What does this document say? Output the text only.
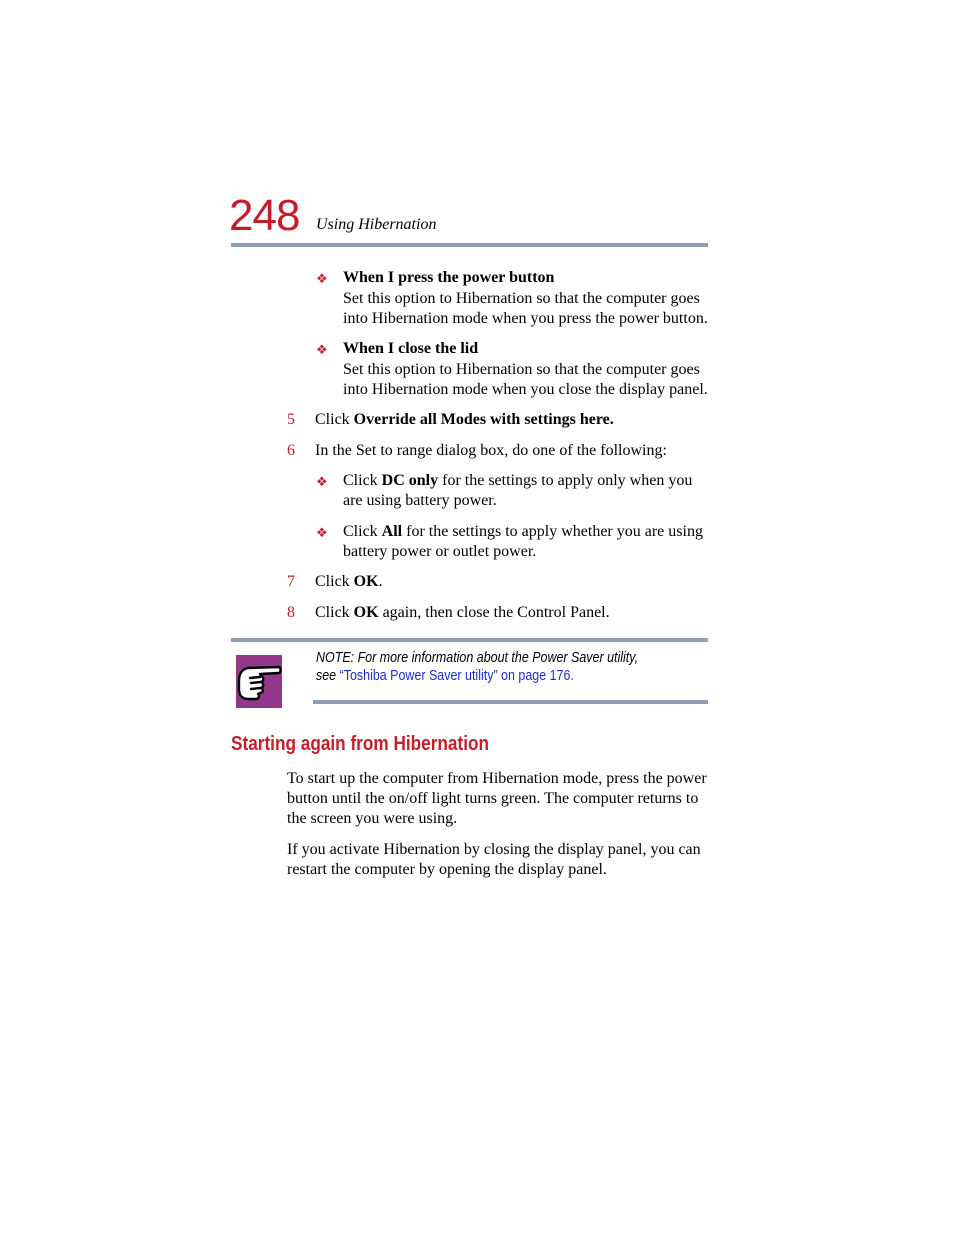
248 Using Hibernation
❖ When I press the power button
Set this option to Hibernation so that the computer goes
into Hibernation mode when you press the power button.
❖ When I close the lid
Set this option to Hibernation so that the computer goes
into Hibernation mode when you close the display panel.
5 Click Override all Modes with settings here.
6 In the Set to range dialog box, do one of the following:
❖ Click DC only for the settings to apply only when you
are using battery power.
❖ Click All for the settings to apply whether you are using
battery power or outlet power.
7 Click OK.
8 Click OK again, then close the Control Panel.
NOTE: For more information about the Power Saver utility,
see “Toshiba Power Saver utility” on page 176.
Starting again from Hibernation
To start up the computer from Hibernation mode, press the power
button until the on/off light turns green. The computer returns to
the screen you were using.
If you activate Hibernation by closing the display panel, you can
restart the computer by opening the display panel.
